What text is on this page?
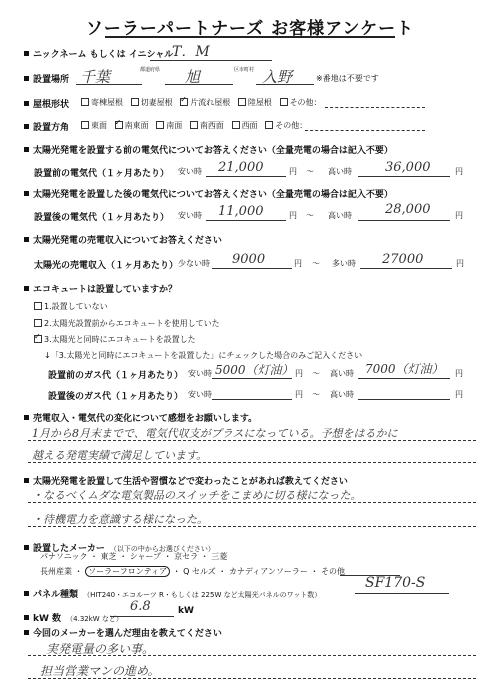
ソーラーパートナーズ お客様アンケート
ニックネーム もしくは イニシャル
T．M
設置場所 千葉	都道府県 旭	区市町村 入野	※番地は不要です
屋根形状	寄棟屋根 切妻屋根 ✓ 片流れ屋根 陸屋根 その他：
設置方角	東面 ✓ 南東面 南面 南西面 西面 その他：
太陽光発電を設置する前の電気代についてお答えください（全量売電の場合は記入不要）
設置前の電気代（１ヶ月あたり） 安い時 21,000	円 ～ 高い時	36,000	円
太陽光発電を設置した後の電気代についてお答えください（全量売電の場合は記入不要）
設置後の電気代（１ヶ月あたり） 安い時 11,000	円 ～ 高い時	28,000	円
太陽光発電の売電収入についてお答えください
太陽光の売電収入（１ヶ月あたり） 少ない時 9000	円 ～ 多い時 27000	円
エコキュートは設置していますか？
1.設置していない
2.太陽光設置前からエコキュートを使用していた
✓3.太陽光と同時にエコキュートを設置した
↓「3.太陽光と同時にエコキュートを設置した」にチェックした場合のみご記入ください
設置前のガス代（１ヶ月あたり） 安い時 5000（灯油） 円 ～ 高い時 7000（灯油） 円
設置後のガス代（１ヶ月あたり） 安い時	円 ～ 高い時	円
売電収入・電気代の変化について感想をお願いします。
1月から8月末までで、電気代収支がプラスになっている。予想をはるかに
越える発電実績で満足しています。
太陽光発電を設置して生活や習慣などで変わったことがあれば教えてください
・なるべくムダな電気製品のスイッチをこまめに切る様になった。
・待機電力を意識する様になった。
設置したメーカー （以下の中からお選びください）
パナソニック ・ 東芝 ・ シャープ ・ 京セラ ・ 三菱
長州産業 ・ ソーラーフロンティア ・ Q セルズ ・ カナディアンソーラー ・ その他
パネル種類 （HIT240・エコルーツ R・もしくは 225W など太陽光パネルのワット数）
SF170-S
kW 数 （4.32kW など）
6.8	kW
今回のメーカーを選んだ理由を教えてください
実発電量の多い事。
担当営業マンの進め。
